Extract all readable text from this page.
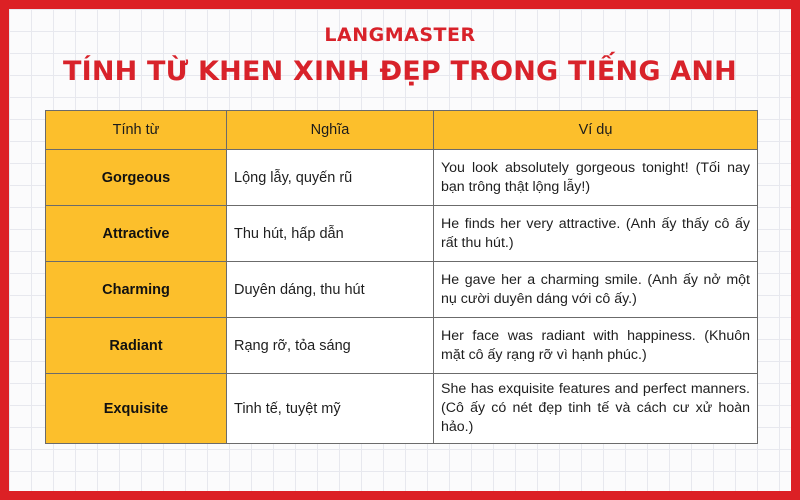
LANGMASTER
TÍNH TỪ KHEN XINH ĐẸP TRONG TIẾNG ANH
Tính từ	Nghĩa	Ví dụ
Gorgeous	Lộng lẫy, quyến rũ	You look absolutely gorgeous tonight! (Tối nay bạn trông thật lộng lẫy!)
Attractive	Thu hút, hấp dẫn	He finds her very attractive. (Anh ấy thấy cô ấy rất thu hút.)
Charming	Duyên dáng, thu hút	He gave her a charming smile. (Anh ấy nở một nụ cười duyên dáng với cô ấy.)
Radiant	Rạng rỡ, tỏa sáng	Her face was radiant with happiness. (Khuôn mặt cô ấy rạng rỡ vì hạnh phúc.)
Exquisite	Tinh tế, tuyệt mỹ	She has exquisite features and perfect manners. (Cô ấy có nét đẹp tinh tế và cách cư xử hoàn hảo.)
